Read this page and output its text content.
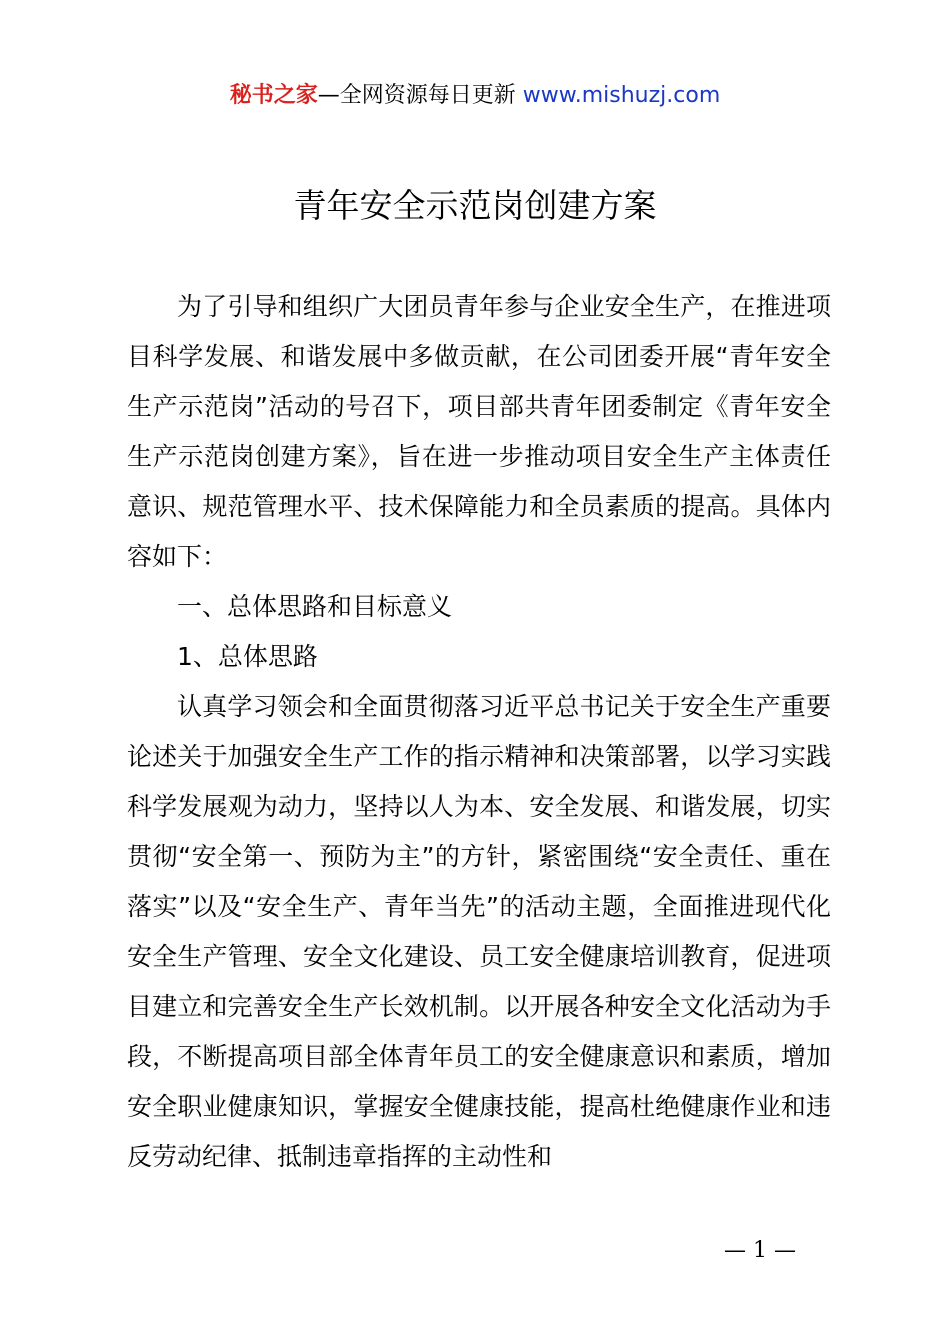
秘书之家—全网资源每日更新 www.mishuzj.com
青年安全示范岗创建方案

为了引导和组织广大团员青年参与企业安全生产，在推进项目科学发展、和谐发展中多做贡献，在公司团委开展“青年安全生产示范岗”活动的号召下，项目部共青年团委制定《青年安全生产示范岗创建方案》，旨在进一步推动项目安全生产主体责任意识、规范管理水平、技术保障能力和全员素质的提高。具体内容如下：

一、总体思路和目标意义

1、总体思路

认真学习领会和全面贯彻落习近平总书记关于安全生产重要论述关于加强安全生产工作的指示精神和决策部署，以学习实践科学发展观为动力，坚持以人为本、安全发展、和谐发展，切实贯彻“安全第一、预防为主”的方针，紧密围绕“安全责任、重在落实”以及“安全生产、青年当先”的活动主题，全面推进现代化安全生产管理、安全文化建设、员工安全健康培训教育，促进项目建立和完善安全生产长效机制。以开展各种安全文化活动为手段，不断提高项目部全体青年员工的安全健康意识和素质，增加安全职业健康知识，掌握安全健康技能，提高杜绝健康作业和违反劳动纪律、抵制违章指挥的主动性和

— 1 —
